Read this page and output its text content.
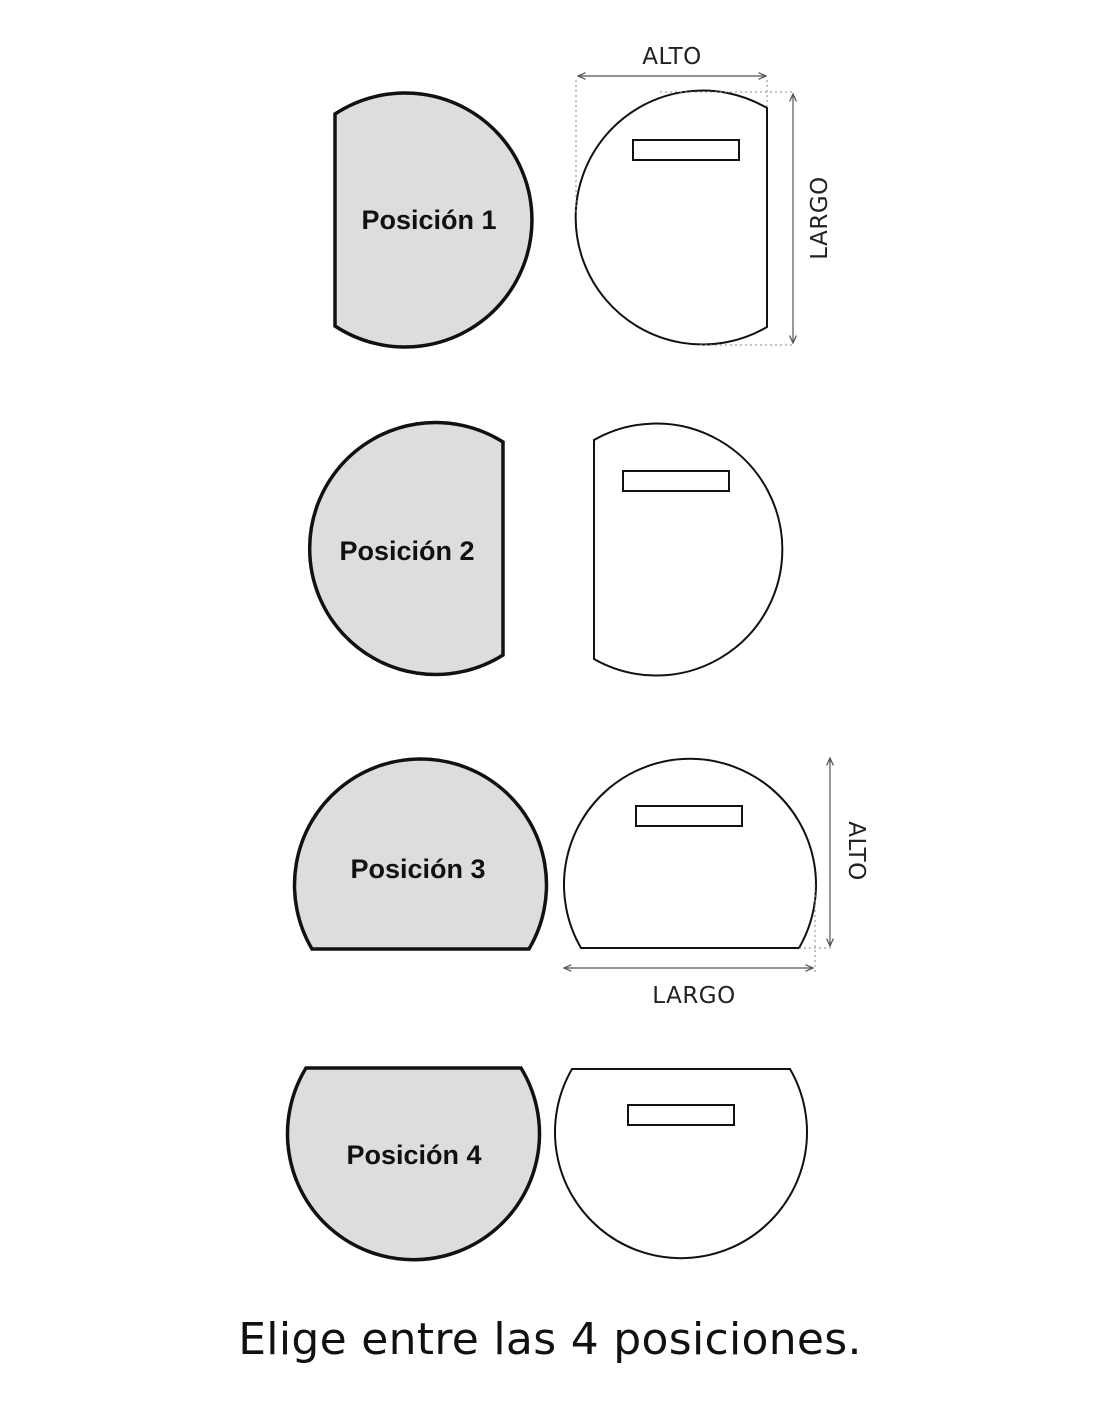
Posición 1
ALTO
LARGO
Posición 2
Posición 3	ALTO
LARGO
Posición 4
Elige entre las 4 posiciones.
